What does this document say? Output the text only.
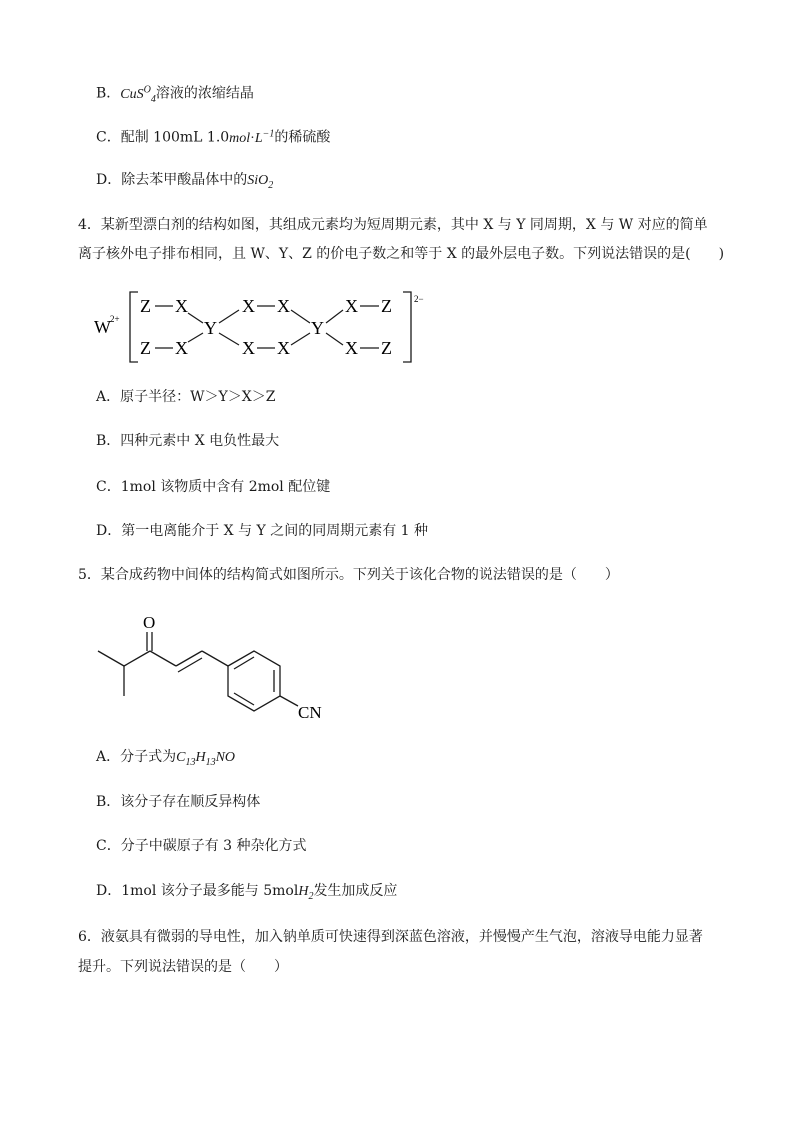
B．CuS$^O_4$溶液的浓缩结晶
C．配制 100mL $1.0mol\cdot L^{-1}$的稀硫酸
D．除去苯甲酸晶体中的SiO$_2$
4．某新型漂白剂的结构如图，其组成元素均为短周期元素，其中 X 与 Y 同周期，X 与 W 对应的简单
离子核外电子排布相同，且 W、Y、Z 的价电子数之和等于 X 的最外层电子数。下列说法错误的是(　　)
W 2+
2−
Z X
Z X
Y
X X
X X
Y
X Z
X Z
A．原子半径：W＞Y＞X＞Z
B．四种元素中 X 电负性最大
C．1mol 该物质中含有 2mol 配位键
D．第一电离能介于 X 与 Y 之间的同周期元素有 1 种
5．某合成药物中间体的结构简式如图所示。下列关于该化合物的说法错误的是（　　）
O
CN
A．分子式为$C_{13}H_{13}NO$
B．该分子存在顺反异构体
C．分子中碳原子有 3 种杂化方式
D．1mol 该分子最多能与 5molH$_2$发生加成反应
6．液氨具有微弱的导电性，加入钠单质可快速得到深蓝色溶液，并慢慢产生气泡，溶液导电能力显著
提升。下列说法错误的是（　　）
